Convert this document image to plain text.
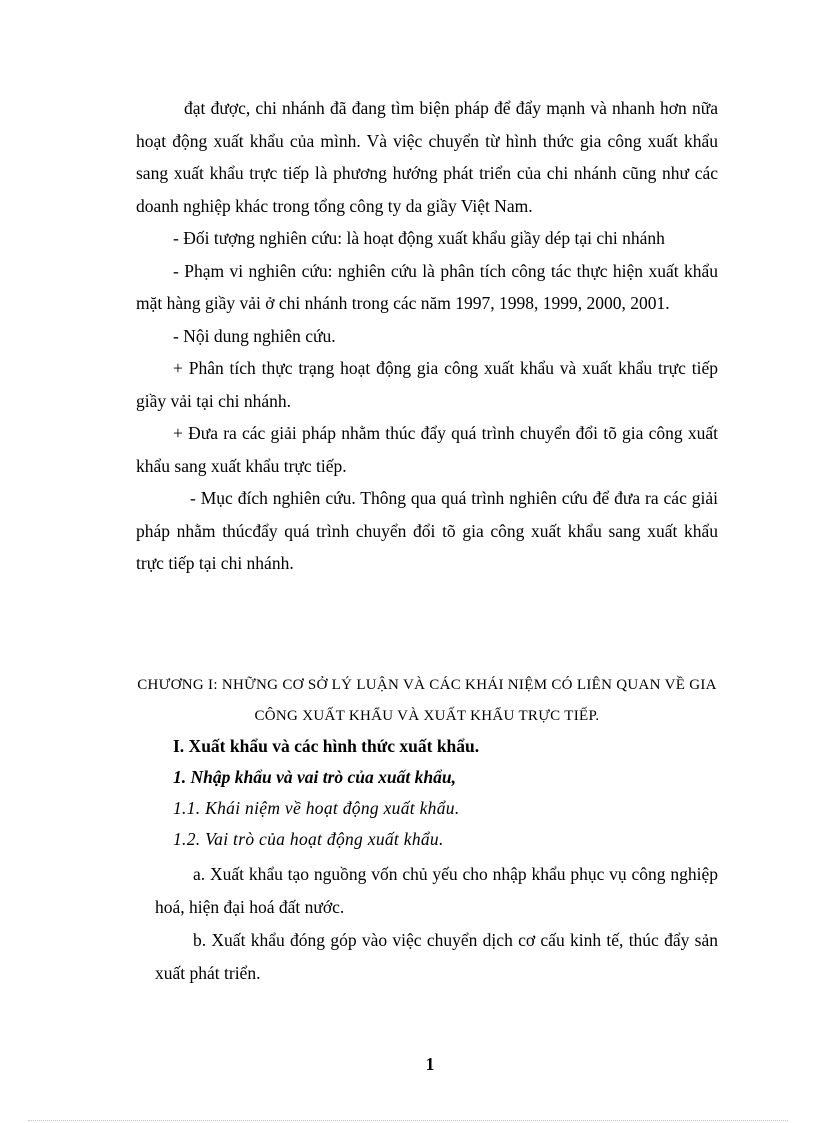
đạt được, chi nhánh đã đang tìm biện pháp để đẩy mạnh và nhanh hơn nữa hoạt động xuất khẩu của mình. Và việc chuyển từ hình thức gia công xuất khẩu sang xuất khẩu trực tiếp là phương hướng phát triển của chi nhánh cũng như các doanh nghiệp khác trong tổng công ty da giầy Việt Nam.

- Đối tượng nghiên cứu: là hoạt động xuất khẩu giầy dép tại chi nhánh

- Phạm vi nghiên cứu: nghiên cứu là phân tích công tác thực hiện xuất khẩu mặt hàng giầy vải ở chi nhánh trong các năm 1997, 1998, 1999, 2000, 2001.

- Nội dung nghiên cứu.

+ Phân tích thực trạng hoạt động gia công xuất khẩu và xuất khẩu trực tiếp giầy vải tại chi nhánh.

+ Đưa ra các giải pháp nhằm thúc đẩy quá trình chuyển đổi tõ gia công xuất khẩu sang xuất khẩu trực tiếp.

- Mục đích nghiên cứu. Thông qua quá trình nghiên cứu để đưa ra các giải pháp nhằm thúcđẩy quá trình chuyển đổi tõ gia công xuất khẩu sang xuất khẩu trực tiếp tại chi nhánh.

CHƯƠNG I: NHỮNG CƠ SỞ LÝ LUẬN VÀ CÁC KHÁI NIỆM CÓ LIÊN QUAN VỀ GIA CÔNG XUẤT KHẨU VÀ XUẤT KHẨU TRỰC TIẾP.

I. Xuất khẩu và các hình thức xuất khẩu.

1. Nhập khẩu và vai trò của xuất khẩu,

1.1. Khái niệm về hoạt động xuất khẩu.

1.2. Vai trò của hoạt động xuất khẩu.

a. Xuất khẩu tạo nguồng vốn chủ yếu cho nhập khẩu phục vụ công nghiệp hoá, hiện đại hoá đất nước.

b. Xuất khẩu đóng góp vào việc chuyển dịch cơ cấu kinh tế, thúc đẩy sản xuất phát triển.

1
